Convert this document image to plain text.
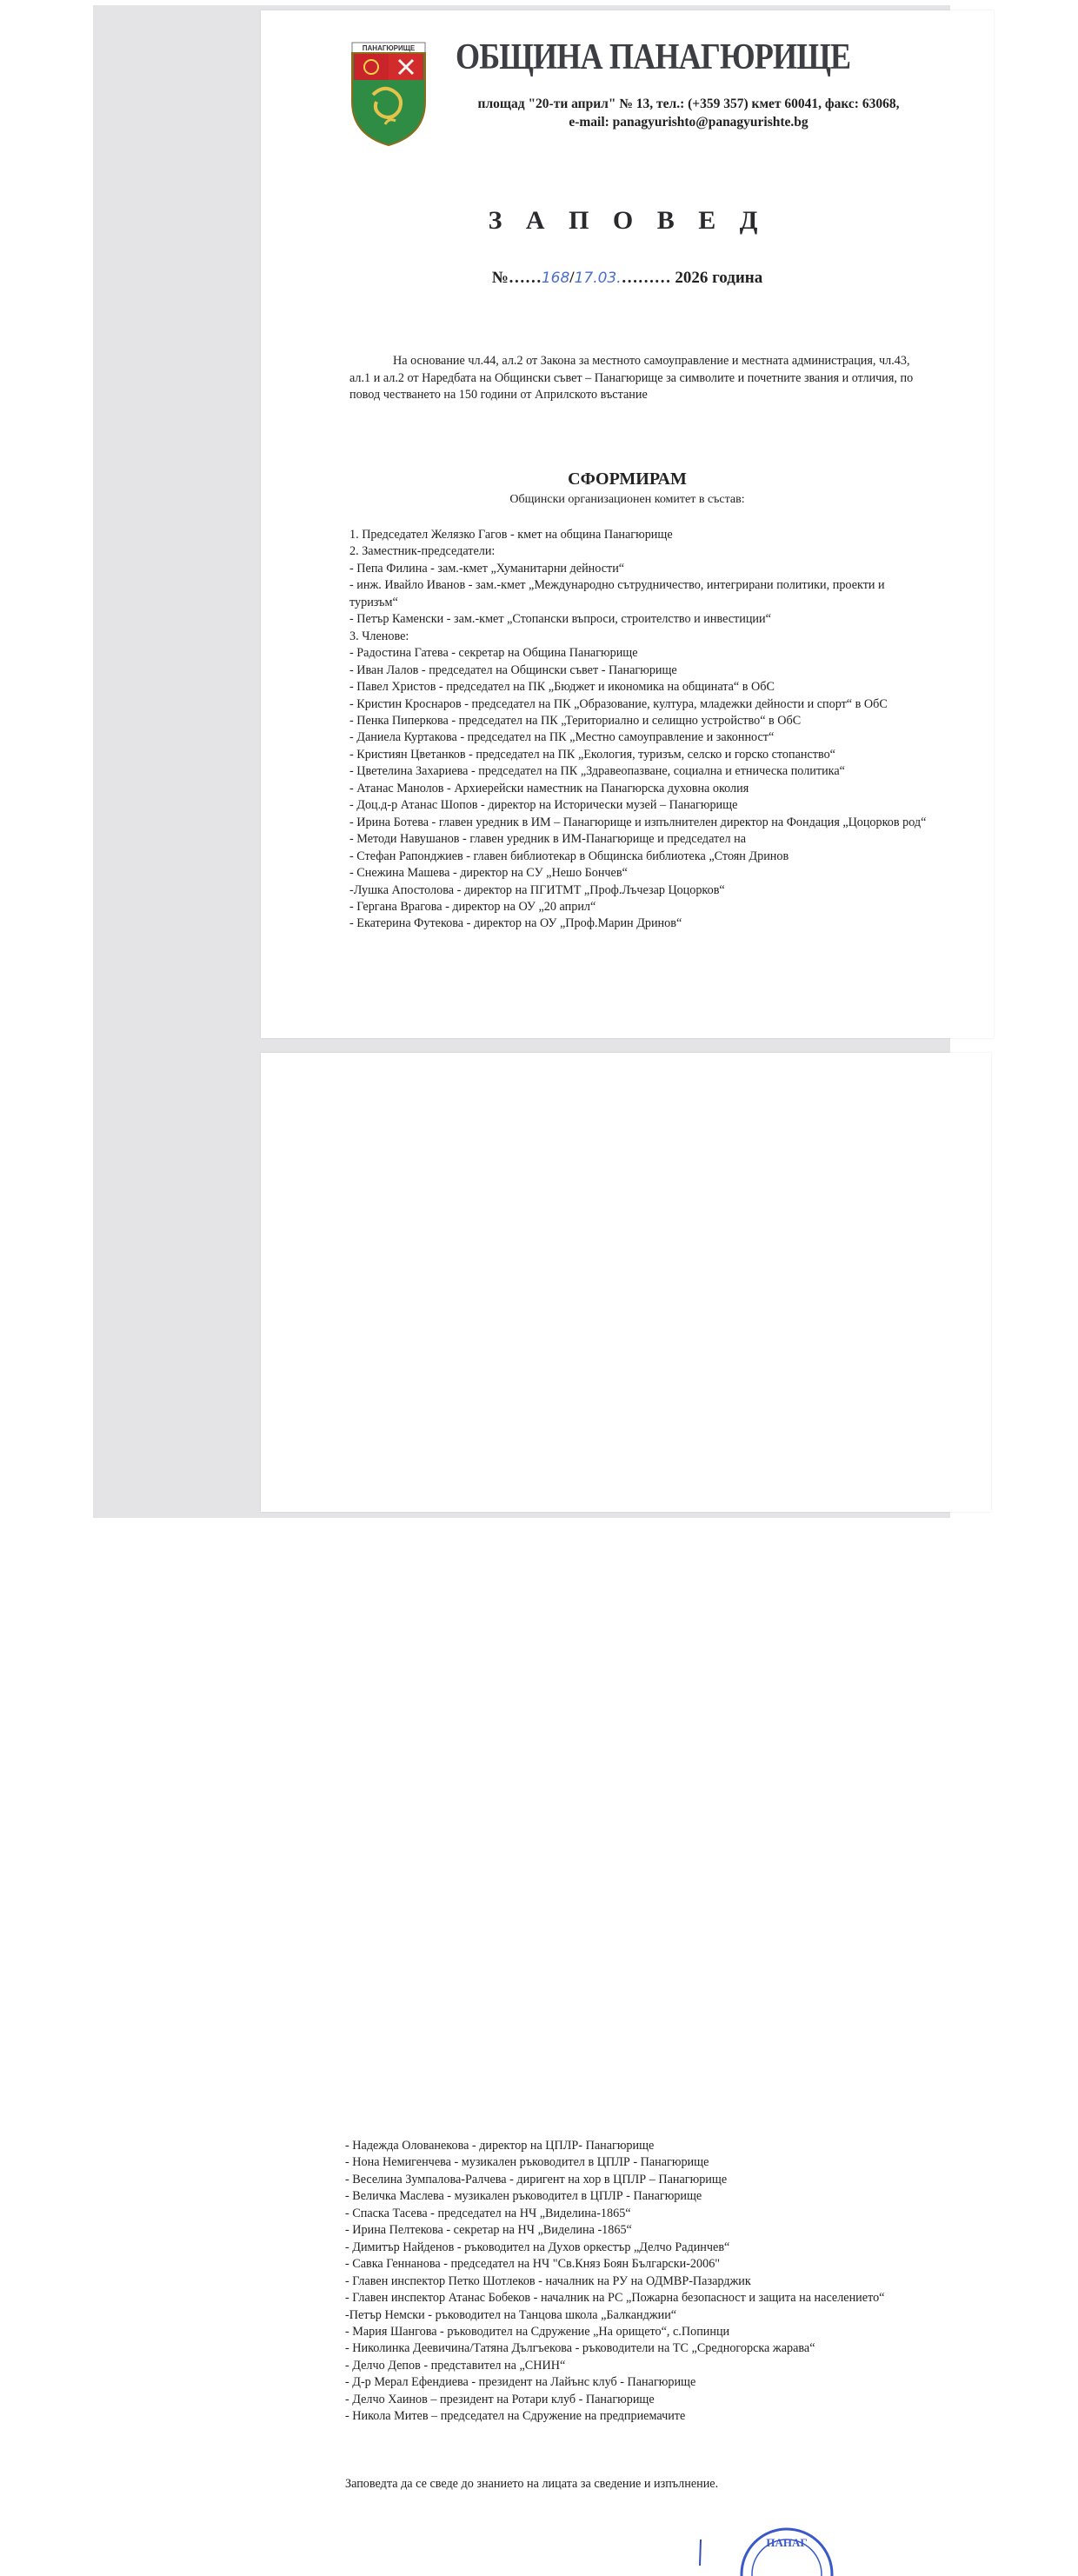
ПАНАГЮРИЩЕ ОБЩИНА ПАНАГЮРИЩЕ
площад "20-ти април" № 13, тел.: (+359 357) кмет 60041, факс: 63068,
e-mail: panagyurishto@panagyurishte.bg
З А П О В Е Д
№……168/17.03.……… 2026 година
На основание чл.44, ал.2 от Закона за местното самоуправление и местната администрация, чл.43, ал.1 и ал.2 от Наредбата на Общински съвет – Панагюрище за символите и почетните звания и отличия, по повод честването на 150 години от Априлското въстание
СФОРМИРАМ
Общински организационен комитет в състав:
1. Председател Желязко Гагов - кмет на община Панагюрище
2. Заместник-председатели:
- Пепа Филина - зам.-кмет „Хуманитарни дейности“
- инж. Ивайло Иванов - зам.-кмет „Международно сътрудничество, интегрирани политики, проекти и туризъм“
- Петър Каменски - зам.-кмет „Стопански въпроси, строителство и инвестиции“
3. Членове:
- Радостина Гатева - секретар на Община Панагюрище
- Иван Лалов - председател на Общински съвет - Панагюрище
- Павел Христов - председател на ПК „Бюджет и икономика на общината“ в ОбС
- Кристин Кроснаров - председател на ПК „Образование, култура, младежки дейности и спорт“ в ОбС
- Пенка Пиперкова - председател на ПК „Териториално и селищно устройство“ в ОбС
- Даниела Куртакова - председател на ПК „Местно самоуправление и законност“
- Кристиян Цветанков - председател на ПК „Екология, туризъм, селско и горско стопанство“
- Цветелина Захариева - председател на ПК „Здравеопазване, социална и етническа политика“
- Атанас Манолов - Архиерейски наместник на Панагюрска духовна околия
- Доц.д-р Атанас Шопов - директор на Исторически музей – Панагюрище
- Ирина Ботева - главен уредник в ИМ – Панагюрище и изпълнителен директор на Фондация „Цоцорков род“
- Методи Навушанов - главен уредник в ИМ-Панагюрище и председател на
- Стефан Рапонджиев - главен библиотекар в Общинска библиотека „Стоян Дринов
- Снежина Машева - директор на СУ „Нешо Бончев“
-Лушка Апостолова - директор на ПГИТМТ „Проф.Лъчезар Цоцорков“
- Гергана Врагова - директор на ОУ „20 април“
- Екатерина Футекова - директор на ОУ „Проф.Марин Дринов“
- Надежда Олованекова - директор на ЦПЛР- Панагюрище
- Нона Немигенчева - музикален ръководител в ЦПЛР - Панагюрище
- Веселина Зумпалова-Ралчева - диригент на хор в ЦПЛР – Панагюрище
- Величка Маслева - музикален ръководител в ЦПЛР - Панагюрище
- Спаска Тасева - председател на НЧ „Виделина-1865“
- Ирина Пелтекова - секретар на НЧ „Виделина -1865“
- Димитър Найденов - ръководител на Духов оркестър „Делчо Радинчев“
- Савка Геннанова - председател на НЧ "Св.Княз Боян Български-2006"
- Главен инспектор Петко Шотлеков - началник на РУ на ОДМВР-Пазарджик
- Главен инспектор Атанас Бобеков - началник на РС „Пожарна безопасност и защита на населението“
-Петър Немски - ръководител на Танцова школа „Балканджии“
- Мария Шангова - ръководител на Сдружение „На орището“, с.Попинци
- Николинка Деевичина/Татяна Дългъекова - ръководители на ТС „Средногорска жарава“
- Делчо Депов - представител на „СНИН“
- Д-р Мерал Ефендиева - президент на Лайънс клуб - Панагюрище
- Делчо Хаинов – президент на Ротари клуб - Панагюрище
- Никола Митев – председател на Сдружение на предприемачите
Заповедта да се сведе до знанието на лицата за сведение и изпълнение.
ПАНАГ
